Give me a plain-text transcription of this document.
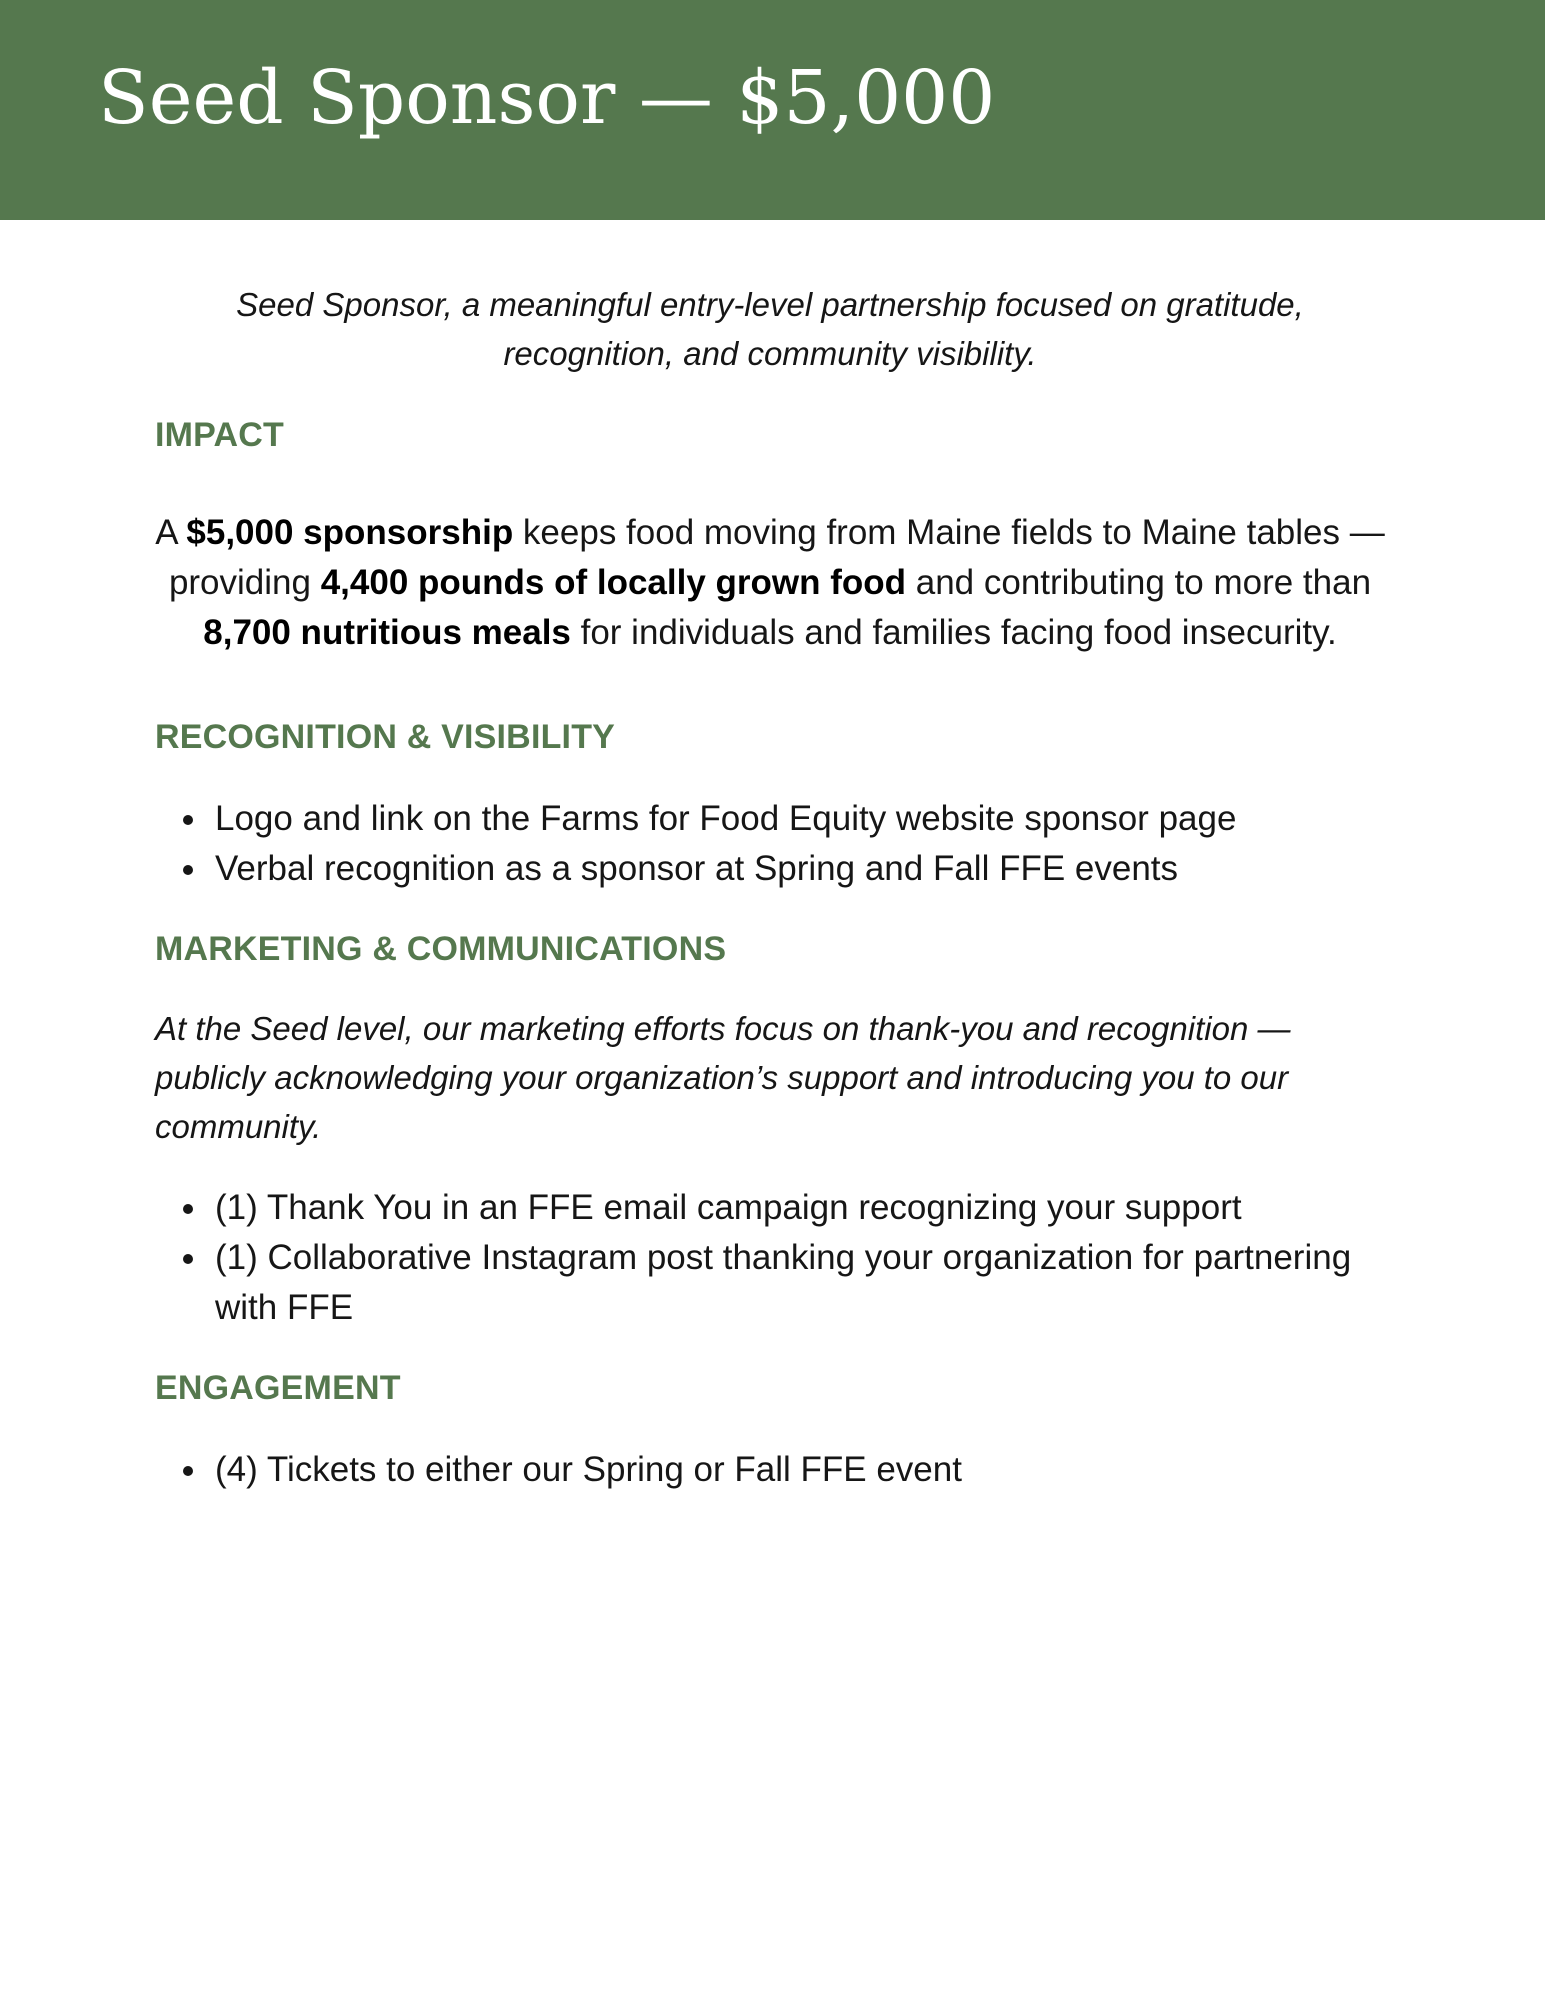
Seed Sponsor — $5,000

Seed Sponsor, a meaningful entry-level partnership focused on gratitude, recognition, and community visibility.

IMPACT

A $5,000 sponsorship keeps food moving from Maine fields to Maine tables — providing 4,400 pounds of locally grown food and contributing to more than 8,700 nutritious meals for individuals and families facing food insecurity.

RECOGNITION & VISIBILITY
Logo and link on the Farms for Food Equity website sponsor page
Verbal recognition as a sponsor at Spring and Fall FFE events
MARKETING & COMMUNICATIONS

At the Seed level, our marketing efforts focus on thank-you and recognition — publicly acknowledging your organization’s support and introducing you to our community.

(1) Thank You in an FFE email campaign recognizing your support
(1) Collaborative Instagram post thanking your organization for partnering with FFE
ENGAGEMENT
(4) Tickets to either our Spring or Fall FFE event
